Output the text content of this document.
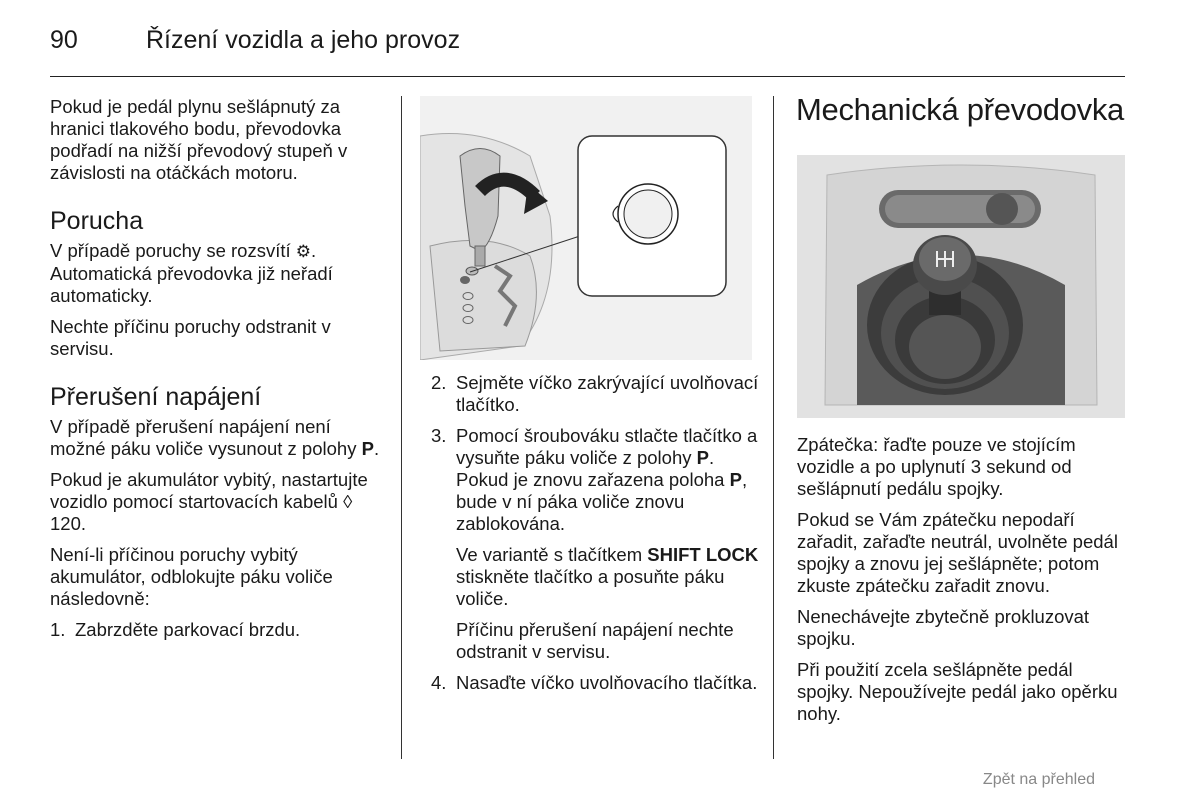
90	Řízení vozidla a jeho provoz

Pokud je pedál plynu sešlápnutý za hranici tlakového bodu, převodovka podřadí na nižší převodový stupeň v závislosti na otáčkách motoru.

Porucha

V případě poruchy se rozsvítí ⚙. Automatická převodovka již neřadí automaticky.

Nechte příčinu poruchy odstranit v servisu.

Přerušení napájení

V případě přerušení napájení není možné páku voliče vysunout z polohy P.

Pokud je akumulátor vybitý, nastartujte vozidlo pomocí startovacích kabelů ◊ 120.

Není-li příčinou poruchy vybitý akumulátor, odblokujte páku voliče následovně:

1. Zabrzděte parkovací brzdu.
2. Sejměte víčko zakrývající uvolňovací tlačítko.
3. Pomocí šroubováku stlačte tlačítko a vysuňte páku voliče z polohy P. Pokud je znovu zařazena poloha P, bude v ní páka voliče znovu zablokována.

Ve variantě s tlačítkem SHIFT LOCK stiskněte tlačítko a posuňte páku voliče.

Příčinu přerušení napájení nechte odstranit v servisu.

4. Nasaďte víčko uvolňovacího tlačítka.
Mechanická převodovka

Zpátečka: řaďte pouze ve stojícím vozidle a po uplynutí 3 sekund od sešlápnutí pedálu spojky.

Pokud se Vám zpátečku nepodaří zařadit, zařaďte neutrál, uvolněte pedál spojky a znovu jej sešlápněte; potom zkuste zpátečku zařadit znovu.

Nenechávejte zbytečně prokluzovat spojku.

Při použití zcela sešlápněte pedál spojky. Nepoužívejte pedál jako opěrku nohy.

Zpět na přehled
